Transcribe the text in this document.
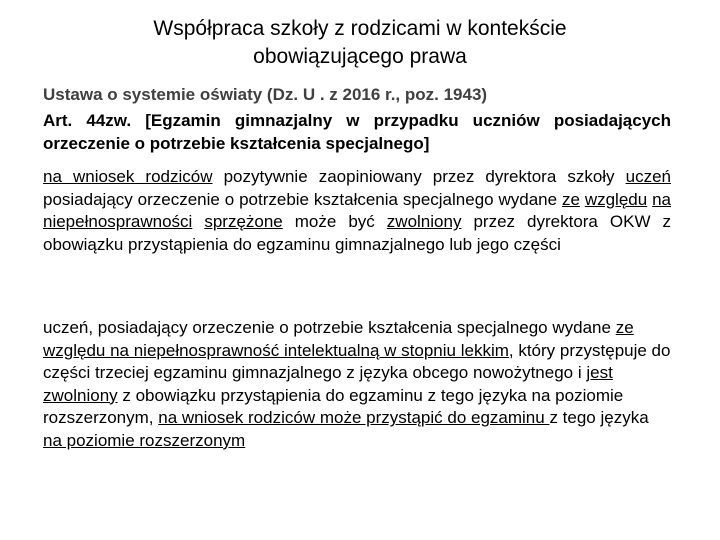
Współpraca szkoły z rodzicami w kontekście
obowiązującego prawa
Ustawa o systemie oświaty (Dz. U . z 2016 r., poz. 1943)
Art. 44zw. [Egzamin gimnazjalny w przypadku uczniów posiadających orzeczenie o potrzebie kształcenia specjalnego]
na wniosek rodziców pozytywnie zaopiniowany przez dyrektora szkoły uczeń posiadający orzeczenie o potrzebie kształcenia specjalnego wydane ze względu na niepełnosprawności sprzężone może być zwolniony przez dyrektora OKW z obowiązku przystąpienia do egzaminu gimnazjalnego lub jego części
uczeń, posiadający orzeczenie o potrzebie kształcenia specjalnego wydane ze względu na niepełnosprawność intelektualną w stopniu lekkim, który przystępuje do części trzeciej egzaminu gimnazjalnego z języka obcego nowożytnego i jest zwolniony z obowiązku przystąpienia do egzaminu z tego języka na poziomie rozszerzonym, na wniosek rodziców może przystąpić do egzaminu z tego języka na poziomie rozszerzonym
